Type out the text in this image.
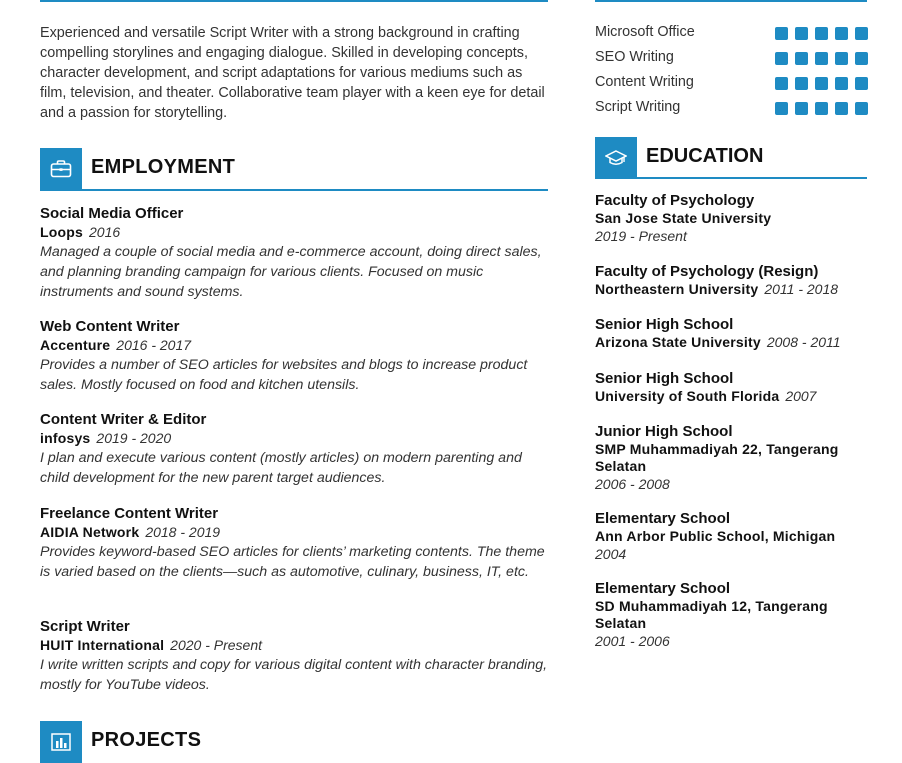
Experienced and versatile Script Writer with a strong background in crafting compelling storylines and engaging dialogue. Skilled in developing concepts, character development, and script adaptations for various mediums such as film, television, and theater. Collaborative team player with a keen eye for detail and a passion for storytelling.
Microsoft Office
SEO Writing
Content Writing
Script Writing
EMPLOYMENT
Social Media Officer
Loops 2016
Managed a couple of social media and e-commerce account, doing direct sales, and planning branding campaign for various clients. Focused on music instruments and sound systems.
Web Content Writer
Accenture 2016 - 2017
Provides a number of SEO articles for websites and blogs to increase product sales. Mostly focused on food and kitchen utensils.
Content Writer & Editor
infosys 2019 - 2020
I plan and execute various content (mostly articles) on modern parenting and child development for the new parent target audiences.
Freelance Content Writer
AIDIA Network 2018 - 2019
Provides keyword-based SEO articles for clients’ marketing contents. The theme is varied based on the clients—such as automotive, culinary, business, IT, etc.
Script Writer
HUIT International 2020 - Present
I write written scripts and copy for various digital content with character branding, mostly for YouTube videos.
PROJECTS
EDUCATION
Faculty of Psychology
San Jose State University
2019 - Present
Faculty of Psychology (Resign)
Northeastern University 2011 - 2018
Senior High School
Arizona State University 2008 - 2011
Senior High School
University of South Florida 2007
Junior High School
SMP Muhammadiyah 22, Tangerang Selatan
2006 - 2008
Elementary School
Ann Arbor Public School, Michigan
2004
Elementary School
SD Muhammadiyah 12, Tangerang Selatan
2001 - 2006
